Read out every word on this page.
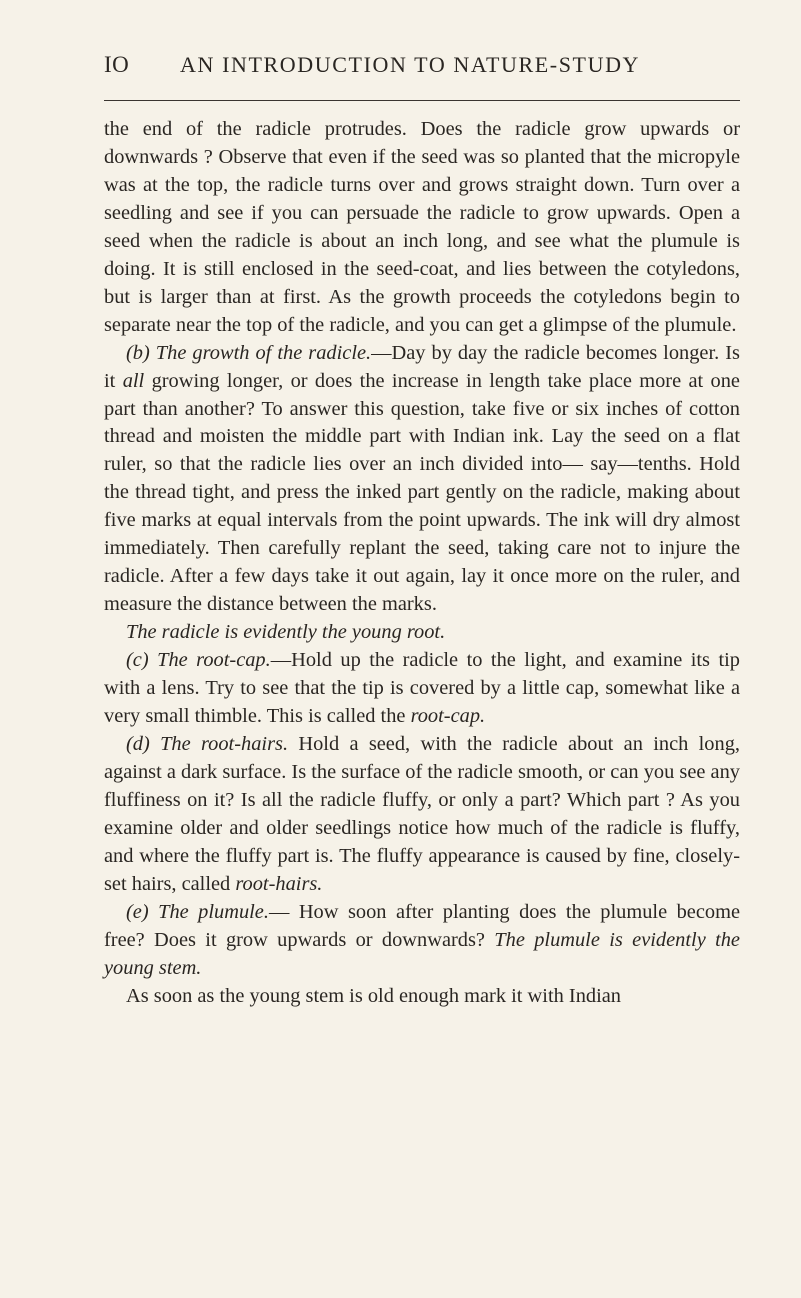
IO AN INTRODUCTION TO NATURE-STUDY

the end of the radicle protrudes. Does the radicle grow upwards or downwards ? Observe that even if the seed was so planted that the micropyle was at the top, the radicle turns over and grows straight down. Turn over a seedling and see if you can persuade the radicle to grow upwards. Open a seed when the radicle is about an inch long, and see what the plumule is doing. It is still enclosed in the seed-coat, and lies between the cotyledons, but is larger than at first. As the growth proceeds the cotyledons begin to separate near the top of the radicle, and you can get a glimpse of the plumule.

(b) The growth of the radicle.—Day by day the radicle becomes longer. Is it all growing longer, or does the increase in length take place more at one part than another? To answer this question, take five or six inches of cotton thread and moisten the middle part with Indian ink. Lay the seed on a flat ruler, so that the radicle lies over an inch divided into— say—tenths. Hold the thread tight, and press the inked part gently on the radicle, making about five marks at equal intervals from the point upwards. The ink will dry almost immediately. Then carefully replant the seed, taking care not to injure the radicle. After a few days take it out again, lay it once more on the ruler, and measure the distance between the marks.

The radicle is evidently the young root.

(c) The root-cap.—Hold up the radicle to the light, and examine its tip with a lens. Try to see that the tip is covered by a little cap, somewhat like a very small thimble. This is called the root-cap.

(d) The root-hairs. Hold a seed, with the radicle about an inch long, against a dark surface. Is the surface of the radicle smooth, or can you see any fluffiness on it? Is all the radicle fluffy, or only a part? Which part ? As you examine older and older seedlings notice how much of the radicle is fluffy, and where the fluffy part is. The fluffy appearance is caused by fine, closely-set hairs, called root-hairs.

(e) The plumule.— How soon after planting does the plumule become free? Does it grow upwards or downwards? The plumule is evidently the young stem.

As soon as the young stem is old enough mark it with Indian
